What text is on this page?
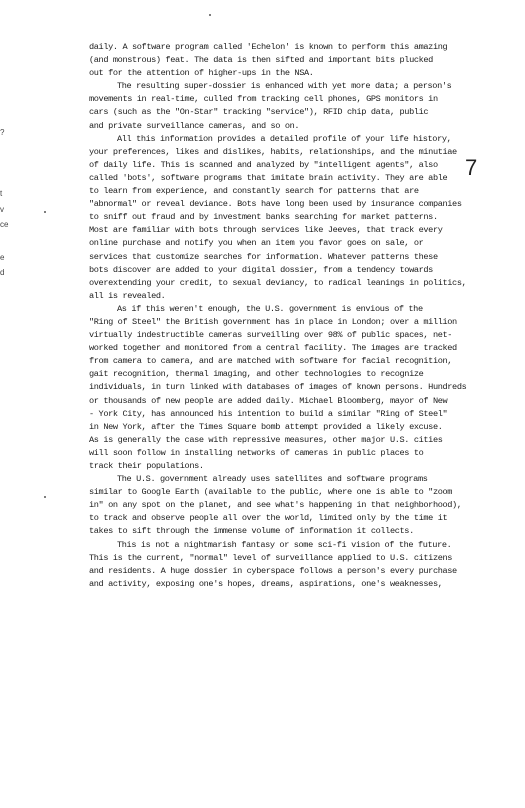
?
t
v
ce
e
d
7
daily. A software program called 'Echelon' is known to perform this amazing
(and monstrous) feat. The data is then sifted and important bits plucked
out for the attention of higher-ups in the NSA.
The resulting super-dossier is enhanced with yet more data; a person's
movements in real-time, culled from tracking cell phones, GPS monitors in
cars (such as the "On-Star" tracking "service"), RFID chip data, public
and private surveillance cameras, and so on.
All this information provides a detailed profile of your life history,
your preferences, likes and dislikes, habits, relationships, and the minutiae
of daily life. This is scanned and analyzed by "intelligent agents", also
called 'bots', software programs that imitate brain activity. They are able
to learn from experience, and constantly search for patterns that are
"abnormal" or reveal deviance. Bots have long been used by insurance companies
to sniff out fraud and by investment banks searching for market patterns.
Most are familiar with bots through services like Jeeves, that track every
online purchase and notify you when an item you favor goes on sale, or
services that customize searches for information. Whatever patterns these
bots discover are added to your digital dossier, from a tendency towards
overextending your credit, to sexual deviancy, to radical leanings in politics,
all is revealed.
As if this weren't enough, the U.S. government is envious of the
"Ring of Steel" the British government has in place in London; over a million
virtually indestructible cameras surveilling over 98% of public spaces, net-
worked together and monitored from a central facility. The images are tracked
from camera to camera, and are matched with software for facial recognition,
gait recognition, thermal imaging, and other technologies to recognize
individuals, in turn linked with databases of images of known persons. Hundreds
or thousands of new people are added daily. Michael Bloomberg, mayor of New
- York City, has announced his intention to build a similar "Ring of Steel"
in New York, after the Times Square bomb attempt provided a likely excuse.
As is generally the case with repressive measures, other major U.S. cities
will soon follow in installing networks of cameras in public places to
track their populations.
The U.S. government already uses satellites and software programs
similar to Google Earth (available to the public, where one is able to "zoom
in" on any spot on the planet, and see what's happening in that neighborhood),
to track and observe people all over the world, limited only by the time it
takes to sift through the immense volume of information it collects.
This is not a nightmarish fantasy or some sci-fi vision of the future.
This is the current, "normal" level of surveillance applied to U.S. citizens
and residents. A huge dossier in cyberspace follows a person's every purchase
and activity, exposing one's hopes, dreams, aspirations, one's weaknesses,
